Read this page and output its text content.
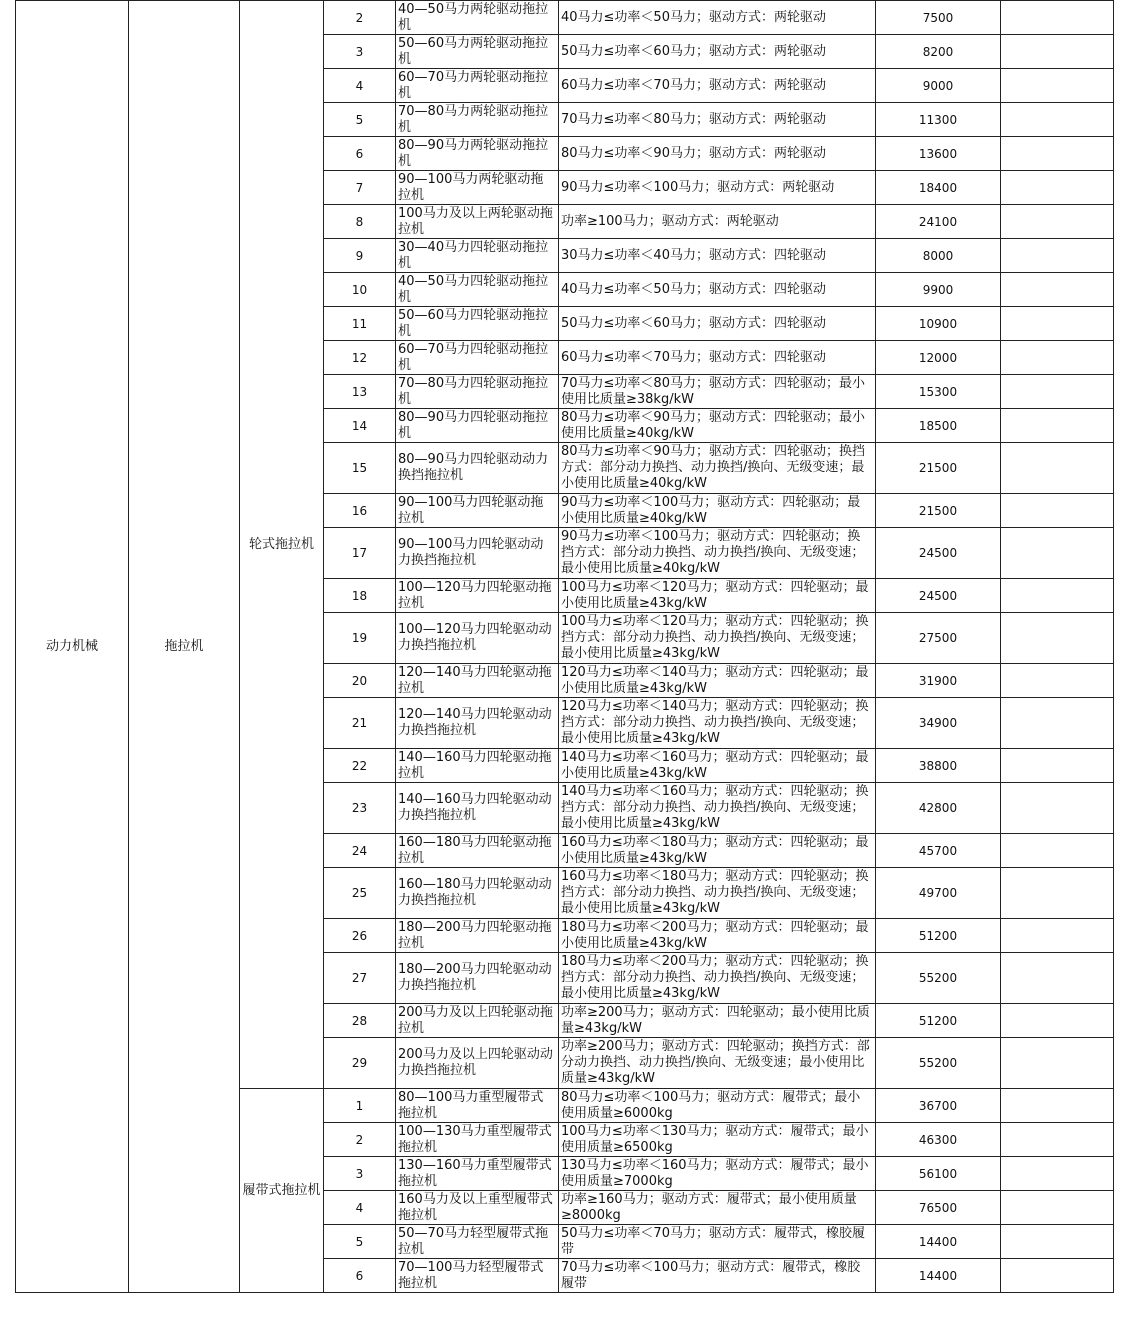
动力机械	拖拉机	轮式拖拉机	2	40—50马力两轮驱动拖拉机	40马力≤功率＜50马力；驱动方式：两轮驱动	7500	
			3	50—60马力两轮驱动拖拉机	50马力≤功率＜60马力；驱动方式：两轮驱动	8200	
			4	60—70马力两轮驱动拖拉机	60马力≤功率＜70马力；驱动方式：两轮驱动	9000	
			5	70—80马力两轮驱动拖拉机	70马力≤功率＜80马力；驱动方式：两轮驱动	11300	
			6	80—90马力两轮驱动拖拉机	80马力≤功率＜90马力；驱动方式：两轮驱动	13600	
			7	90—100马力两轮驱动拖拉机	90马力≤功率＜100马力；驱动方式：两轮驱动	18400	
			8	100马力及以上两轮驱动拖拉机	功率≥100马力；驱动方式：两轮驱动	24100	
			9	30—40马力四轮驱动拖拉机	30马力≤功率＜40马力；驱动方式：四轮驱动	8000	
			10	40—50马力四轮驱动拖拉机	40马力≤功率＜50马力；驱动方式：四轮驱动	9900	
			11	50—60马力四轮驱动拖拉机	50马力≤功率＜60马力；驱动方式：四轮驱动	10900	
			12	60—70马力四轮驱动拖拉机	60马力≤功率＜70马力；驱动方式：四轮驱动	12000	
			13	70—80马力四轮驱动拖拉机	70马力≤功率＜80马力；驱动方式：四轮驱动；最小使用比质量≥38kg/kW	15300	
			14	80—90马力四轮驱动拖拉机	80马力≤功率＜90马力；驱动方式：四轮驱动；最小使用比质量≥40kg/kW	18500	
			15	80—90马力四轮驱动动力换挡拖拉机	80马力≤功率＜90马力；驱动方式：四轮驱动；换挡方式：部分动力换挡、动力换挡/换向、无级变速；最小使用比质量≥40kg/kW	21500	
			16	90—100马力四轮驱动拖拉机	90马力≤功率＜100马力；驱动方式：四轮驱动；最小使用比质量≥40kg/kW	21500	
			17	90—100马力四轮驱动动力换挡拖拉机	90马力≤功率＜100马力；驱动方式：四轮驱动；换挡方式：部分动力换挡、动力换挡/换向、无级变速；最小使用比质量≥40kg/kW	24500	
			18	100—120马力四轮驱动拖拉机	100马力≤功率＜120马力；驱动方式：四轮驱动；最小使用比质量≥43kg/kW	24500	
			19	100—120马力四轮驱动动力换挡拖拉机	100马力≤功率＜120马力；驱动方式：四轮驱动；换挡方式：部分动力换挡、动力换挡/换向、无级变速；最小使用比质量≥43kg/kW	27500	
			20	120—140马力四轮驱动拖拉机	120马力≤功率＜140马力；驱动方式：四轮驱动；最小使用比质量≥43kg/kW	31900	
			21	120—140马力四轮驱动动力换挡拖拉机	120马力≤功率＜140马力；驱动方式：四轮驱动；换挡方式：部分动力换挡、动力换挡/换向、无级变速；最小使用比质量≥43kg/kW	34900	
			22	140—160马力四轮驱动拖拉机	140马力≤功率＜160马力；驱动方式：四轮驱动；最小使用比质量≥43kg/kW	38800	
			23	140—160马力四轮驱动动力换挡拖拉机	140马力≤功率＜160马力；驱动方式：四轮驱动；换挡方式：部分动力换挡、动力换挡/换向、无级变速；最小使用比质量≥43kg/kW	42800	
			24	160—180马力四轮驱动拖拉机	160马力≤功率＜180马力；驱动方式：四轮驱动；最小使用比质量≥43kg/kW	45700	
			25	160—180马力四轮驱动动力换挡拖拉机	160马力≤功率＜180马力；驱动方式：四轮驱动；换挡方式：部分动力换挡、动力换挡/换向、无级变速；最小使用比质量≥43kg/kW	49700	
			26	180—200马力四轮驱动拖拉机	180马力≤功率＜200马力；驱动方式：四轮驱动；最小使用比质量≥43kg/kW	51200	
			27	180—200马力四轮驱动动力换挡拖拉机	180马力≤功率＜200马力；驱动方式：四轮驱动；换挡方式：部分动力换挡、动力换挡/换向、无级变速；最小使用比质量≥43kg/kW	55200	
			28	200马力及以上四轮驱动拖拉机	功率≥200马力；驱动方式：四轮驱动；最小使用比质量≥43kg/kW	51200	
			29	200马力及以上四轮驱动动力换挡拖拉机	功率≥200马力；驱动方式：四轮驱动；换挡方式：部分动力换挡、动力换挡/换向、无级变速；最小使用比质量≥43kg/kW	55200	
		履带式拖拉机	1	80—100马力重型履带式拖拉机	80马力≤功率＜100马力；驱动方式：履带式；最小使用质量≥6000kg	36700	
			2	100—130马力重型履带式拖拉机	100马力≤功率＜130马力；驱动方式：履带式；最小使用质量≥6500kg	46300	
			3	130—160马力重型履带式拖拉机	130马力≤功率＜160马力；驱动方式：履带式；最小使用质量≥7000kg	56100	
			4	160马力及以上重型履带式拖拉机	功率≥160马力；驱动方式：履带式；最小使用质量≥8000kg	76500	
			5	50—70马力轻型履带式拖拉机	50马力≤功率＜70马力；驱动方式：履带式，橡胶履带	14400	
			6	70—100马力轻型履带式拖拉机	70马力≤功率＜100马力；驱动方式：履带式，橡胶履带	14400	
